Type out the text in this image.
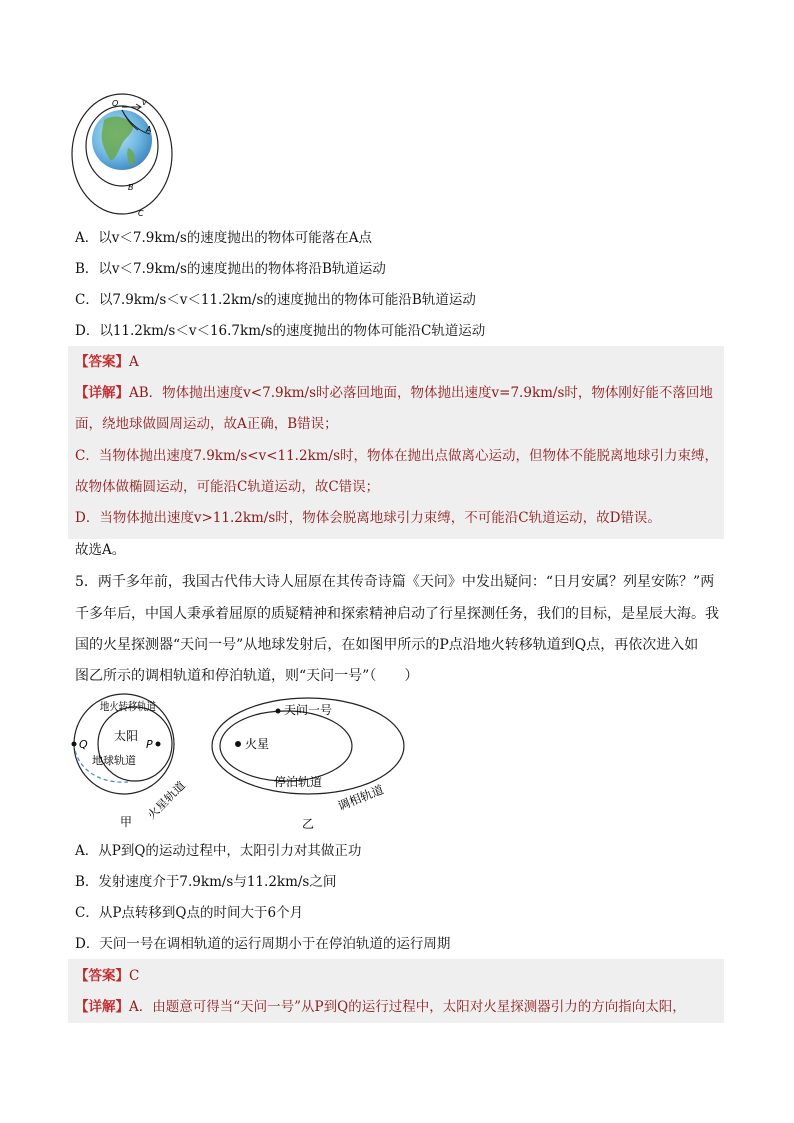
O	v
A
B
C
A．以v＜7.9km/s的速度抛出的物体可能落在A点
B．以v＜7.9km/s的速度抛出的物体将沿B轨道运动
C．以7.9km/s＜v＜11.2km/s的速度抛出的物体可能沿B轨道运动
D．以11.2km/s＜v＜16.7km/s的速度抛出的物体可能沿C轨道运动
【答案】A
【详解】AB．物体抛出速度v<7.9km/s时必落回地面，物体抛出速度v=7.9km/s时，物体刚好能不落回地
面，绕地球做圆周运动，故A正确，B错误；
C．当物体抛出速度7.9km/s<v<11.2km/s时，物体在抛出点做离心运动，但物体不能脱离地球引力束缚，
故物体做椭圆运动，可能沿C轨道运动，故C错误；
D．当物体抛出速度v>11.2km/s时，物体会脱离地球引力束缚，不可能沿C轨道运动，故D错误。
故选A。
5．两千多年前，我国古代伟大诗人屈原在其传奇诗篇《天问》中发出疑问：“日月安属？列星安陈？”两
千多年后，中国人秉承着屈原的质疑精神和探索精神启动了行星探测任务，我们的目标，是星辰大海。我
国的火星探测器“天问一号”从地球发射后，在如图甲所示的P点沿地火转移轨道到Q点，再依次进入如
图乙所示的调相轨道和停泊轨道，则“天问一号”（　　）
Q	P
太阳
地火转移轨道
地球轨道
火星轨道
甲
火星
天问一号
停泊轨道
调相轨道
乙
A．从P到Q的运动过程中，太阳引力对其做正功
B．发射速度介于7.9km/s与11.2km/s之间
C．从P点转移到Q点的时间大于6个月
D．天问一号在调相轨道的运行周期小于在停泊轨道的运行周期
【答案】C
【详解】A．由题意可得当“天问一号”从P到Q的运行过程中，太阳对火星探测器引力的方向指向太阳，
